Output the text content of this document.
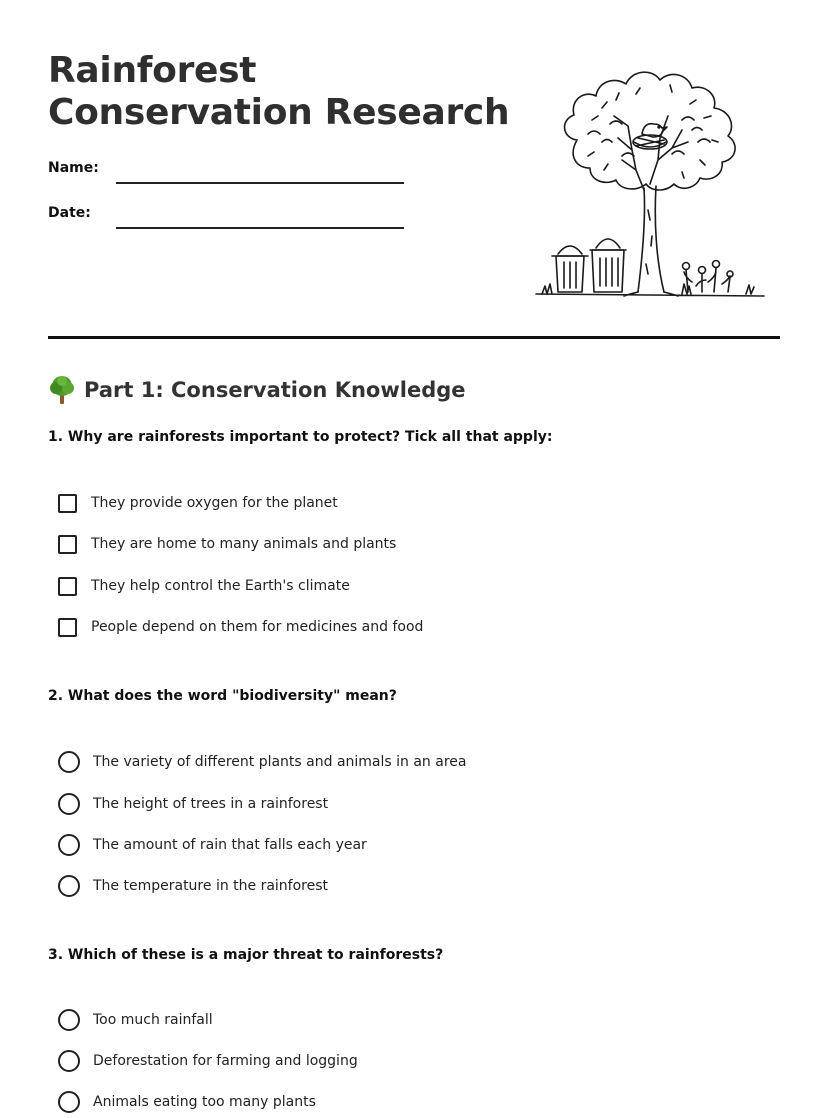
Rainforest Conservation Research
Name:
Date:
Part 1: Conservation Knowledge

1. Why are rainforests important to protect? Tick all that apply:

They provide oxygen for the planet
They are home to many animals and plants
They help control the Earth's climate
People depend on them for medicines and food

2. What does the word "biodiversity" mean?

The variety of different plants and animals in an area
The height of trees in a rainforest
The amount of rain that falls each year
The temperature in the rainforest

3. Which of these is a major threat to rainforests?

Too much rainfall
Deforestation for farming and logging
Animals eating too many plants
